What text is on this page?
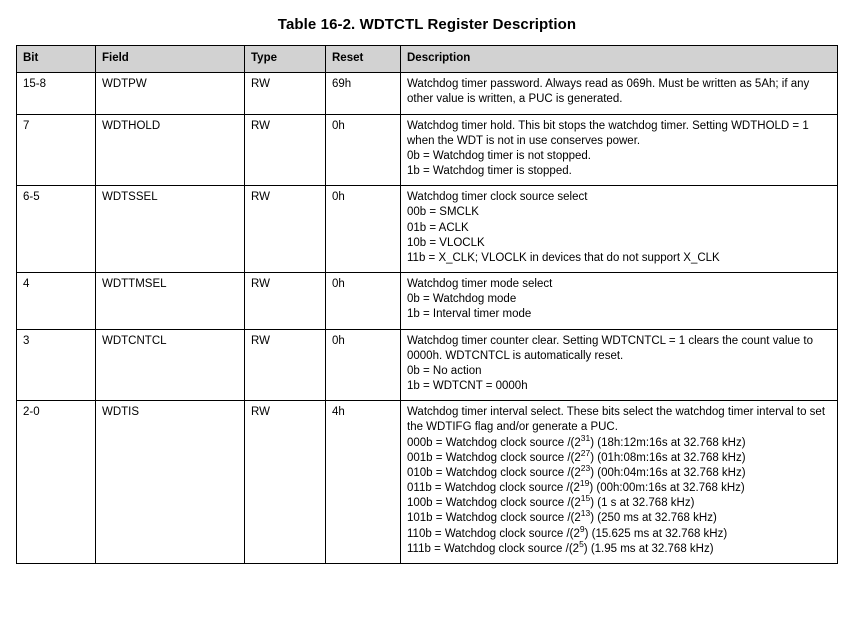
Table 16-2. WDTCTL Register Description
Bit	Field	Type	Reset	Description
15-8	WDTPW	RW	69h	Watchdog timer password. Always read as 069h. Must be written as 5Ah; if any other value is written, a PUC is generated.

7	WDTHOLD	RW	0h	Watchdog timer hold. This bit stops the watchdog timer. Setting WDTHOLD = 1 when the WDT is not in use conserves power.
0b = Watchdog timer is not stopped.
1b = Watchdog timer is stopped.

6-5	WDTSSEL	RW	0h	Watchdog timer clock source select
00b = SMCLK
01b = ACLK
10b = VLOCLK
11b = X_CLK; VLOCLK in devices that do not support X_CLK

4	WDTTMSEL	RW	0h	Watchdog timer mode select
0b = Watchdog mode
1b = Interval timer mode

3	WDTCNTCL	RW	0h	Watchdog timer counter clear. Setting WDTCNTCL = 1 clears the count value to 0000h. WDTCNTCL is automatically reset.
0b = No action
1b = WDTCNT = 0000h

2-0	WDTIS	RW	4h	Watchdog timer interval select. These bits select the watchdog timer interval to set the WDTIFG flag and/or generate a PUC.
000b = Watchdog clock source $/(2^{31})$ (18h:12m:16s at 32.768 kHz)
001b = Watchdog clock source $/(2^{27})$ (01h:08m:16s at 32.768 kHz)
010b = Watchdog clock source $/(2^{23})$ (00h:04m:16s at 32.768 kHz)
011b = Watchdog clock source $/(2^{19})$ (00h:00m:16s at 32.768 kHz)
100b = Watchdog clock source $/(2^{15})$ (1 s at 32.768 kHz)
101b = Watchdog clock source $/(2^{13})$ (250 ms at 32.768 kHz)
110b = Watchdog clock source $/(2^9)$ (15.625 ms at 32.768 kHz)
111b = Watchdog clock source $/(2^5)$ (1.95 ms at 32.768 kHz)
